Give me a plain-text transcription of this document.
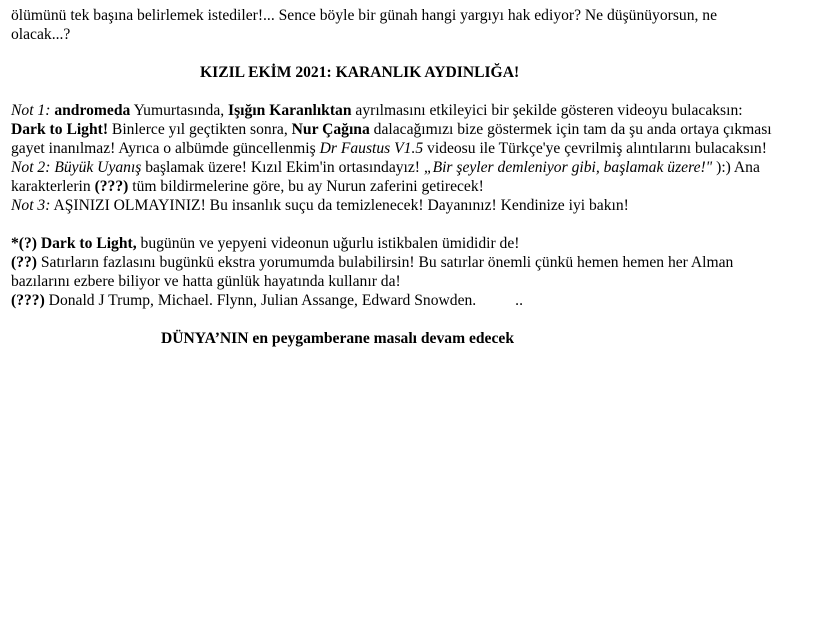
ölümünü tek başına belirlemek istediler!... Sence böyle bir günah hangi yargıyı hak ediyor? Ne düşünüyorsun, ne
olacak...?
KIZIL EKİM 2021: KARANLIK AYDINLIĞA!
Not 1: andromeda Yumurtasında, Işığın Karanlıktan ayrılmasını etkileyici bir şekilde gösteren videoyu bulacaksın:
Dark to Light! Binlerce yıl geçtikten sonra, Nur Çağına dalacağımızı bize göstermek için tam da şu anda ortaya çıkması
gayet inanılmaz! Ayrıca o albümde güncellenmiş Dr Faustus V1.5 videosu ile Türkçe'ye çevrilmiş alıntılarını bulacaksın!
Not 2: Büyük Uyanış başlamak üzere! Kızıl Ekim'in ortasındayız! „Bir şeyler demleniyor gibi, başlamak üzere!" ):) Ana
karakterlerin (???) tüm bildirmelerine göre, bu ay Nurun zaferini getirecek!
Not 3: AŞINIZI OLMAYINIZ! Bu insanlık suçu da temizlenecek! Dayanınız! Kendinize iyi bakın!
*(?) Dark to Light, bugünün ve yepyeni videonun uğurlu istikbalen ümididir de!
(??) Satırların fazlasını bugünkü ekstra yorumumda bulabilirsin! Bu satırlar önemli çünkü hemen hemen her Alman
bazılarını ezbere biliyor ve hatta günlük hayatında kullanır da!
(???) Donald J Trump, Michael. Flynn, Julian Assange, Edward Snowden.          ..
DÜNYA’NIN en peygamberane masalı devam edecek
